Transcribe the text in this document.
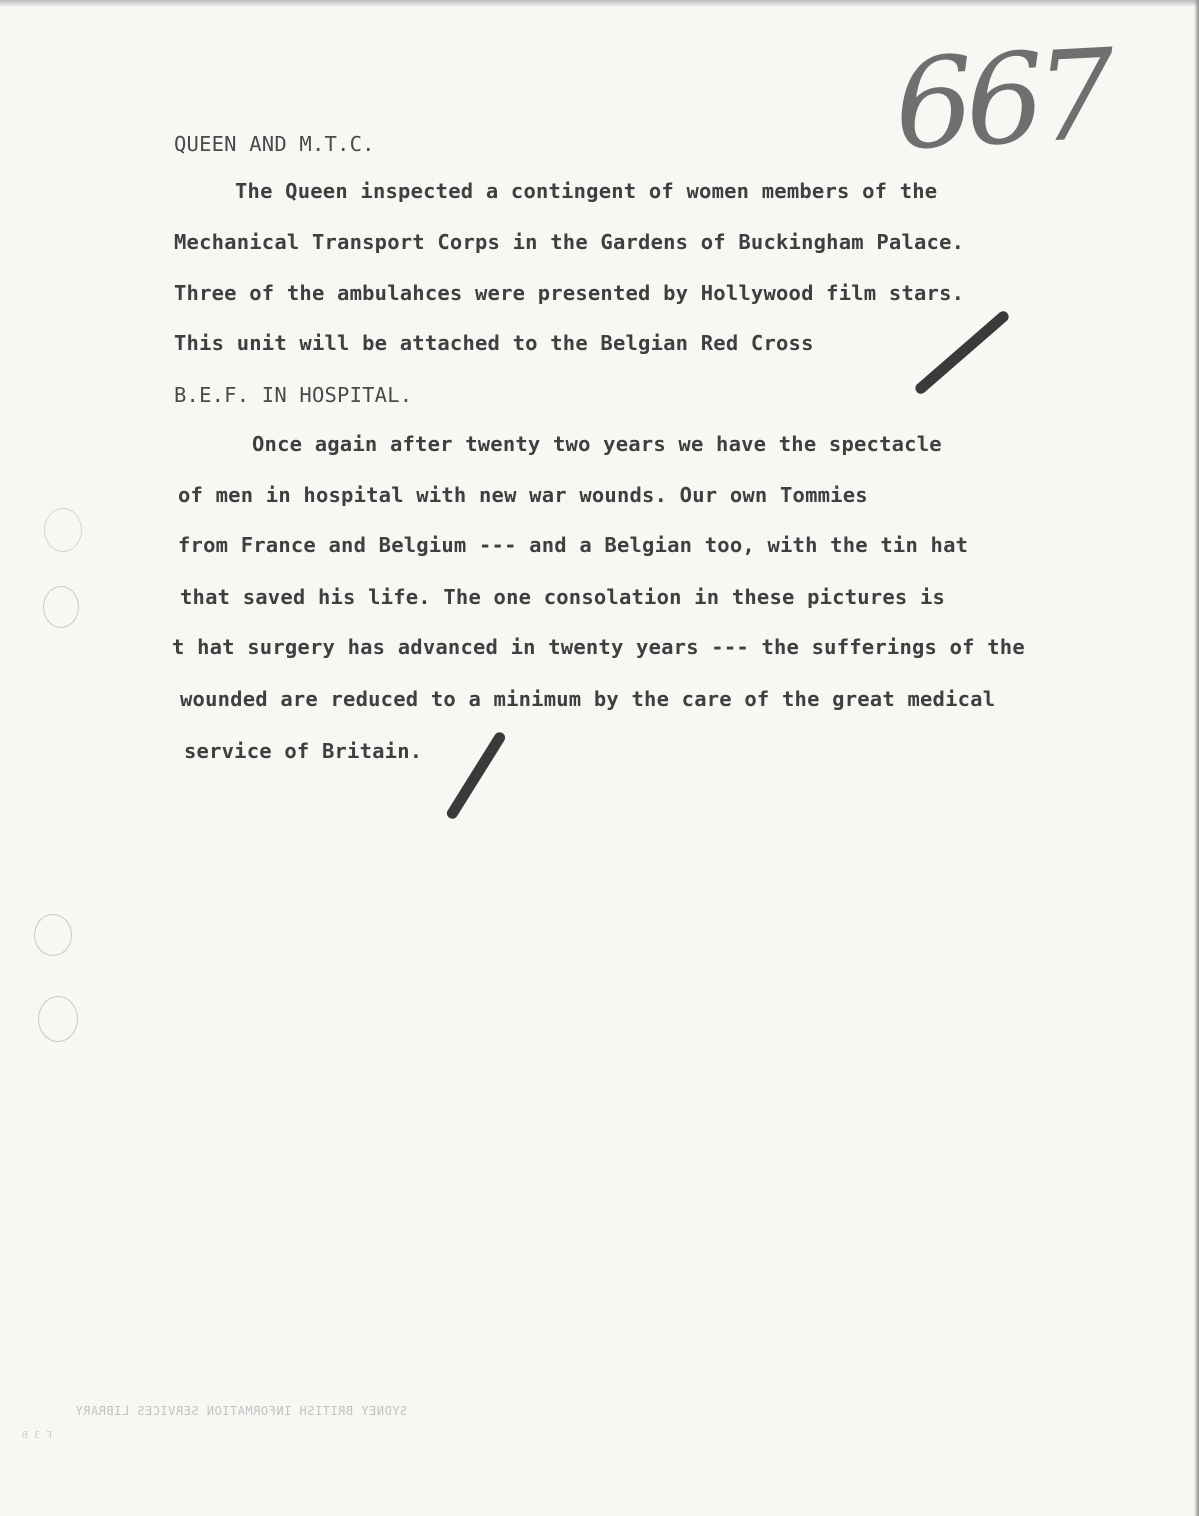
667
QUEEN AND M.T.C.
The Queen inspected a contingent of women members of the
Mechanical Transport Corps in the Gardens of Buckingham Palace.
Three of the ambulahces were presented by Hollywood film stars.
This unit will be attached to the Belgian Red Cross
B.E.F. IN HOSPITAL.
Once again after twenty two years we have the spectacle
of men in hospital with new war wounds. Our own Tommies
from France and Belgium --- and a Belgian too, with the tin hat
that saved his life. The one consolation in these pictures is
t hat surgery has advanced in twenty years --- the sufferings of the
wounded are reduced to a minimum by the care of the great medical
service of Britain.
SYDNEY BRITISH INFORMATION SERVICES LIBRARY
F 3 B
